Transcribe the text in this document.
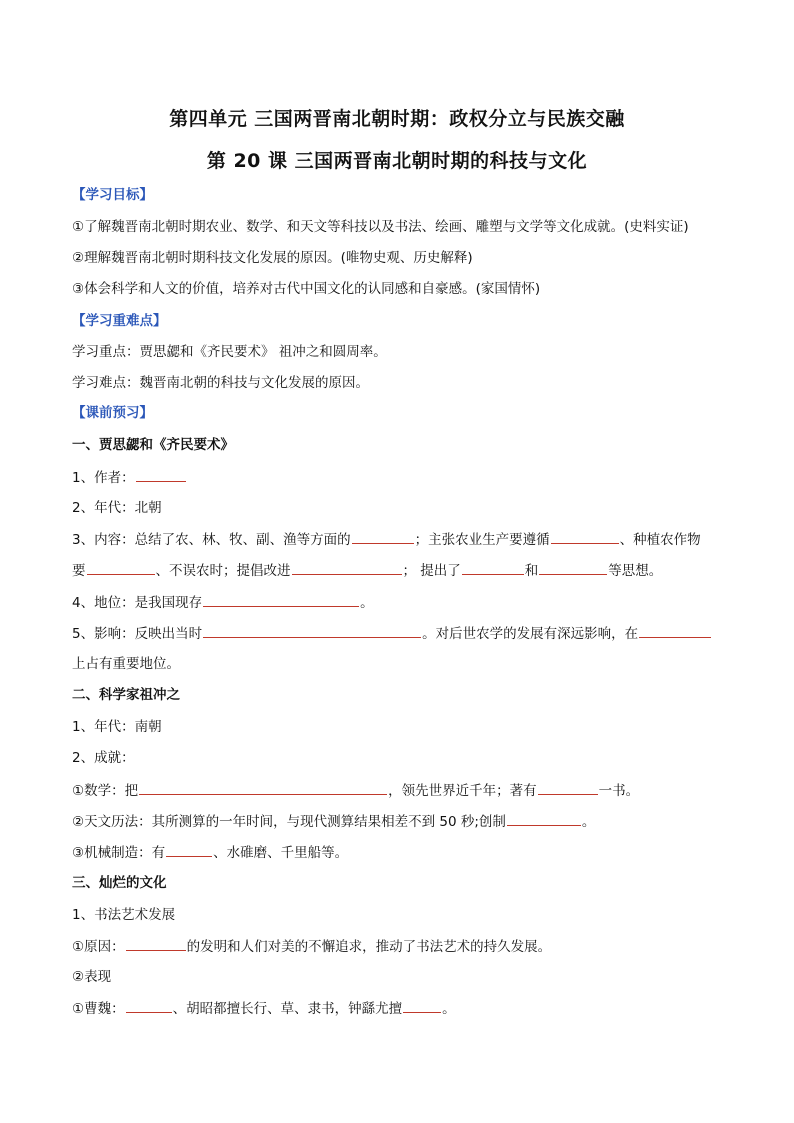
第四单元 三国两晋南北朝时期：政权分立与民族交融
第 20 课 三国两晋南北朝时期的科技与文化
【学习目标】
①了解魏晋南北朝时期农业、数学、和天文等科技以及书法、绘画、雕塑与文学等文化成就。(史料实证)
②理解魏晋南北朝时期科技文化发展的原因。(唯物史观、历史解释)
③体会科学和人文的价值，培养对古代中国文化的认同感和自豪感。(家国情怀)
【学习重难点】
学习重点：贾思勰和《齐民要术》 祖冲之和圆周率。
学习难点：魏晋南北朝的科技与文化发展的原因。
【课前预习】
一、贾思勰和《齐民要术》
1、作者：
2、年代：北朝
3、内容：总结了农、林、牧、副、渔等方面的	；主张农业生产要遵循	、种植农作物
要	、不误农时；提倡改进	； 提出了	和	等思想。
4、地位：是我国现存	。
5、影响：反映出当时	。对后世农学的发展有深远影响，在
上占有重要地位。
二、科学家祖冲之
1、年代：南朝
2、成就：
①数学：把	，领先世界近千年；著有	一书。
②天文历法：其所测算的一年时间，与现代测算结果相差不到 50 秒;创制	。
③机械制造：有	、水碓磨、千里船等。
三、灿烂的文化
1、书法艺术发展
①原因：	的发明和人们对美的不懈追求，推动了书法艺术的持久发展。
②表现
①曹魏：	、胡昭都擅长行、草、隶书，钟繇尤擅	。
